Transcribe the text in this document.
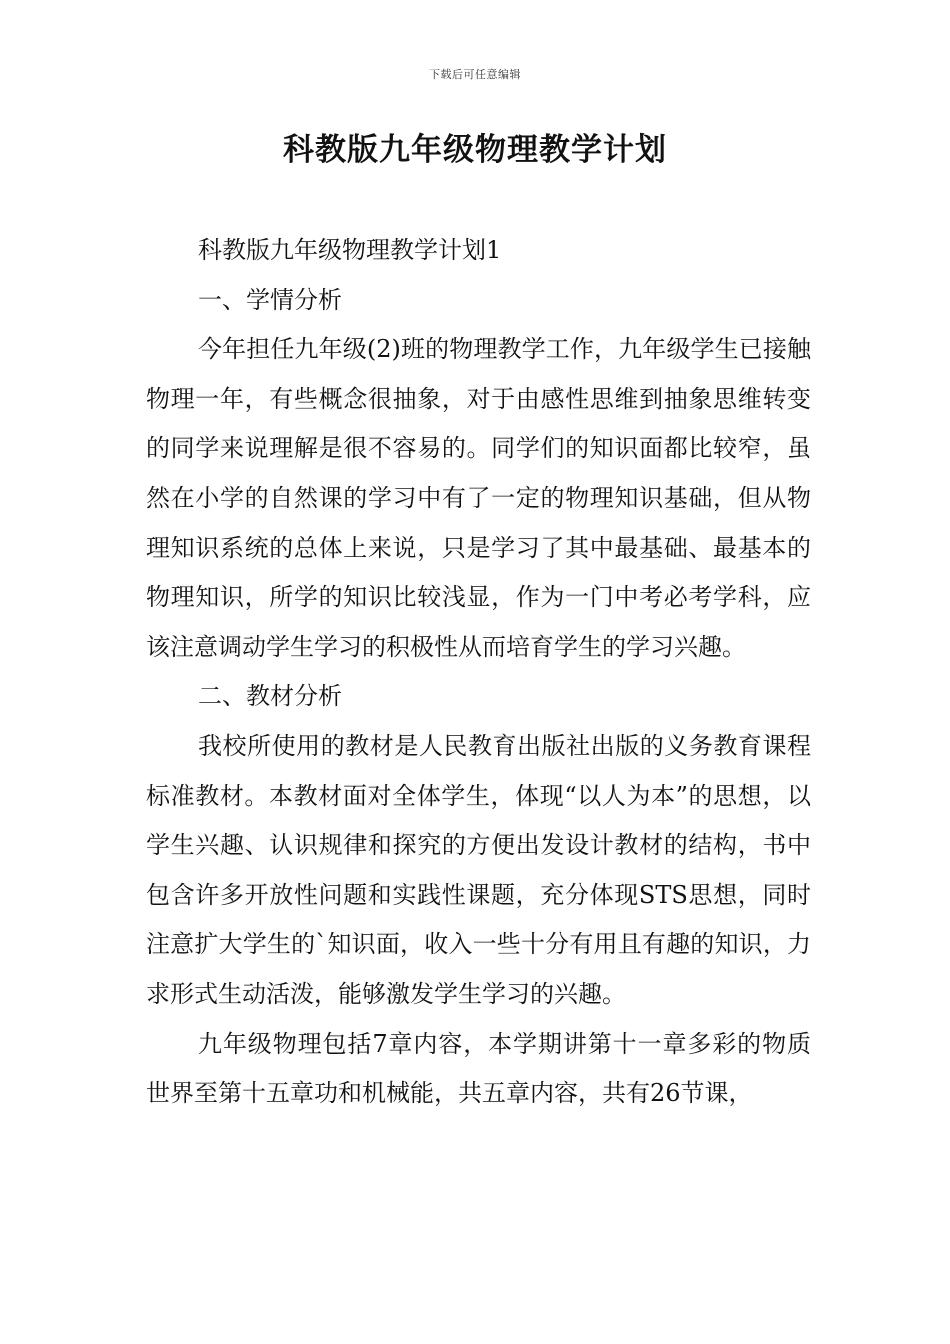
下载后可任意编辑
科教版九年级物理教学计划

科教版九年级物理教学计划1

一、学情分析

今年担任九年级(2)班的物理教学工作，九年级学生已接触物理一年，有些概念很抽象，对于由感性思维到抽象思维转变的同学来说理解是很不容易的。同学们的知识面都比较窄，虽然在小学的自然课的学习中有了一定的物理知识基础，但从物理知识系统的总体上来说，只是学习了其中最基础、最基本的物理知识，所学的知识比较浅显，作为一门中考必考学科，应该注意调动学生学习的积极性从而培育学生的学习兴趣。

二、教材分析

我校所使用的教材是人民教育出版社出版的义务教育课程标准教材。本教材面对全体学生，体现“以人为本”的思想，以学生兴趣、认识规律和探究的方便出发设计教材的结构，书中包含许多开放性问题和实践性课题，充分体现STS思想，同时注意扩大学生的`知识面，收入一些十分有用且有趣的知识，力求形式生动活泼，能够激发学生学习的兴趣。

九年级物理包括7章内容，本学期讲第十一章多彩的物质世界至第十五章功和机械能，共五章内容，共有26节课，
